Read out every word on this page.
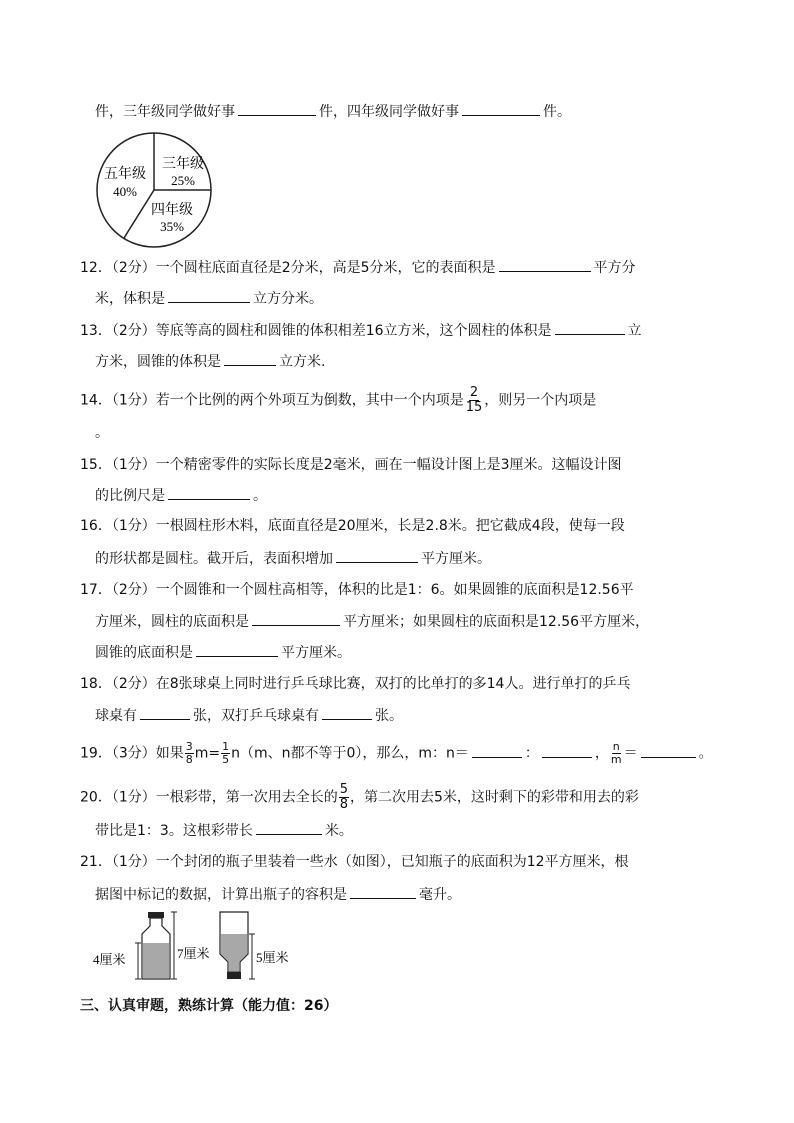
件，三年级同学做好事	件，四年级同学做好事	件。
五年级
40%
三年级
25%
四年级
35%
12．（2分）一个圆柱底面直径是2分米，高是5分米，它的表面积是	平方分
米，体积是	立方分米。
13．（2分）等底等高的圆柱和圆锥的体积相差16立方米，这个圆柱的体积是	立
方米，圆锥的体积是	立方米.
14．（1分）若一个比例的两个外项互为倒数，其中一个内项是 $\frac{2}{15}$ ，则另一个内项是
。
15．（1分）一个精密零件的实际长度是2毫米，画在一幅设计图上是3厘米。这幅设计图
的比例尺是	。
16．（1分）一根圆柱形木料，底面直径是20厘米，长是2.8米。把它截成4段，使每一段
的形状都是圆柱。截开后，表面积增加	平方厘米。
17．（2分）一个圆锥和一个圆柱高相等，体积的比是1：6。如果圆锥的底面积是12.56平
方厘米，圆柱的底面积是	平方厘米；如果圆柱的底面积是12.56平方厘米，
圆锥的底面积是	平方厘米。
18．（2分）在8张球桌上同时进行乒乓球比赛，双打的比单打的多14人。进行单打的乒乓
球桌有	张，双打乒乓球桌有	张。
19．（3分）如果 $\frac{3}{8} m= \frac{1}{5} n(m$、n都不等于0），那么，m：n＝	：	， $\frac{n}{m}$ ＝	。
20．（1分）一根彩带，第一次用去全长的 $\frac{5}{8}$ ，第二次用去5米，这时剩下的彩带和用去的彩
带比是1：3。这根彩带长	米。
21．（1分）一个封闭的瓶子里装着一些水（如图），已知瓶子的底面积为12平方厘米，根
据图中标记的数据，计算出瓶子的容积是	毫升。
4厘米	7厘米	5厘米
三、认真审题，熟练计算（能力值：26）
